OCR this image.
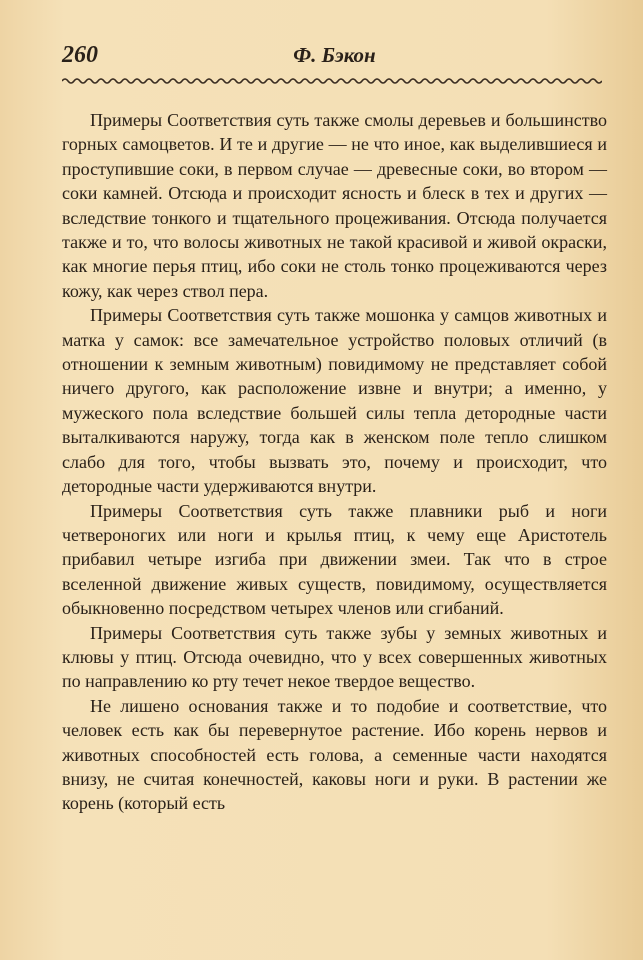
260	Ф. Бэкон

Примеры Соответствия суть также смолы деревьев и большинство горных самоцветов. И те и другие — не что иное, как выделившиеся и проступившие соки, в первом случае — древесные соки, во втором — соки камней. Отсюда и происходит ясность и блеск в тех и других — вследствие тонкого и тщательного процеживания. Отсюда получается также и то, что волосы животных не такой красивой и живой окраски, как многие перья птиц, ибо соки не столь тонко процеживаются через кожу, как через ствол пера.

Примеры Соответствия суть также мошонка у самцов животных и матка у самок: все замечательное устройство половых отличий (в отношении к земным животным) повидимому не представляет собой ничего другого, как расположение извне и внутри; а именно, у мужеского пола вследствие большей силы тепла детородные части выталкиваются наружу, тогда как в женском поле тепло слишком слабо для того, чтобы вызвать это, почему и происходит, что детородные части удерживаются внутри.

Примеры Соответствия суть также плавники рыб и ноги четвероногих или ноги и крылья птиц, к чему еще Аристотель прибавил четыре изгиба при движении змеи. Так что в строе вселенной движение живых существ, повидимому, осуществляется обыкновенно посредством четырех членов или сгибаний.

Примеры Соответствия суть также зубы у земных животных и клювы у птиц. Отсюда очевидно, что у всех совершенных животных по направлению ко рту течет некое твердое вещество.

Не лишено основания также и то подобие и соответствие, что человек есть как бы перевернутое растение. Ибо корень нервов и животных способностей есть голова, а семенные части находятся внизу, не считая конечностей, каковы ноги и руки. В растении же корень (который есть
